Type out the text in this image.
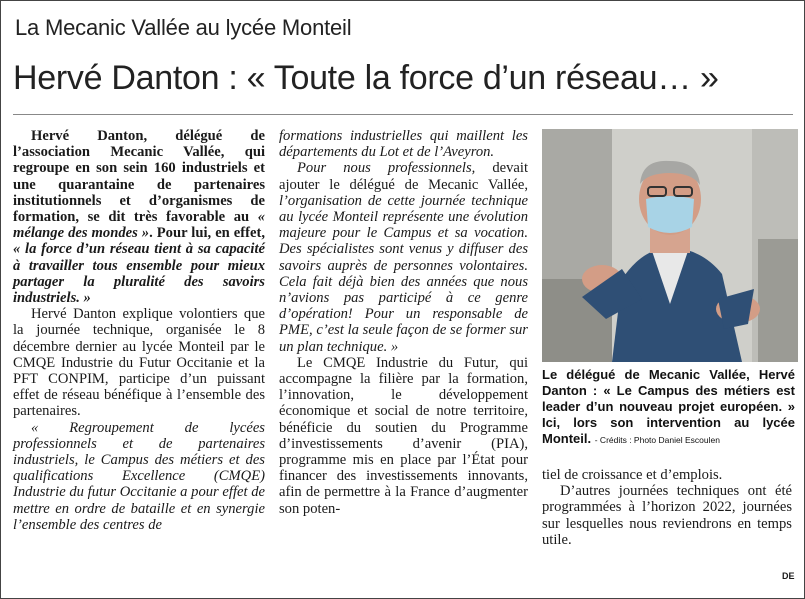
La Mecanic Vallée au lycée Monteil
Hervé Danton : « Toute la force d’un réseau… »

Hervé Danton, délégué de l’association Mecanic Vallée, qui regroupe en son sein 160 industriels et une quarantaine de partenaires institutionnels et d’organismes de formation, se dit très favorable au « mélange des mondes ». Pour lui, en effet, « la force d’un réseau tient à sa capacité à travailler tous ensemble pour mieux partager la pluralité des savoirs industriels. »

Hervé Danton explique volontiers que la journée technique, organisée le 8 décembre dernier au lycée Monteil par le CMQE Industrie du Futur Occitanie et la PFT CONPIM, participe d’un puissant effet de réseau bénéfique à l’ensemble des partenaires.

« Regroupement de lycées professionnels et de partenaires industriels, le Campus des métiers et des qualifications Excellence (CMQE) Industrie du futur Occitanie a pour effet de mettre en ordre de bataille et en synergie l’ensemble des centres de

formations industrielles qui maillent les départements du Lot et de l’Aveyron.

Pour nous professionnels, devait ajouter le délégué de Mecanic Vallée, l’organisation de cette journée technique au lycée Monteil représente une évolution majeure pour le Campus et sa vocation. Des spécialistes sont venus y diffuser des savoirs auprès de personnes volontaires. Cela fait déjà bien des années que nous n’avions pas participé à ce genre d’opération! Pour un responsable de PME, c’est la seule façon de se former sur un plan technique. »

Le CMQE Industrie du Futur, qui accompagne la filière par la formation, l’innovation, le développement économique et social de notre territoire, bénéficie du soutien du Programme d’investissements d’avenir (PIA), programme mis en place par l’État pour financer des investissements innovants, afin de permettre à la France d’augmenter son poten-

Le délégué de Mecanic Vallée, Hervé Danton : « Le Campus des métiers est leader d’un nouveau projet européen. » Ici, lors son intervention au lycée Monteil. - Crédits : Photo Daniel Escoulen

tiel de croissance et d’emplois.

D’autres journées techniques ont été programmées à l’horizon 2022, journées sur lesquelles nous reviendrons en temps utile.

DE
